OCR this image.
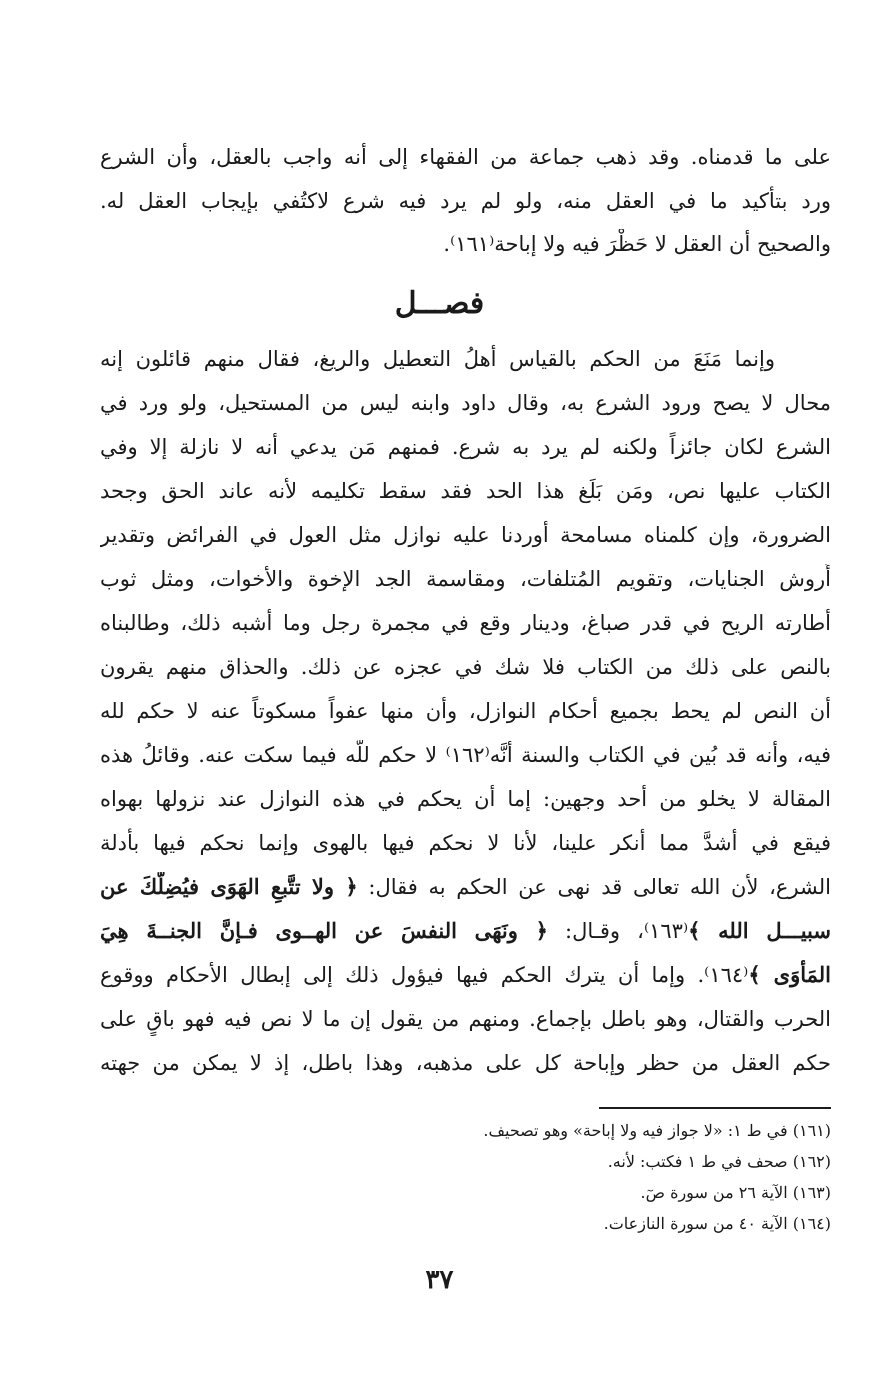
على ما قدمناه. وقد ذهب جماعة من الفقهاء إلى أنه واجب بالعقل، وأن الشرع
ورد بتأكيد ما في العقل منه، ولو لم يرد فيه شرع لاكتُفي بإيجاب العقل له.
والصحيح أن العقل لا حَظْرَ فيه ولا إباحة⁽١٦١⁾.
فصـــل
وإنما مَنَعَ من الحكم بالقياس أهلُ التعطيل والريغ، فقال منهم قائلون إنه
محال لا يصح ورود الشرع به، وقال داود وابنه ليس من المستحيل، ولو ورد في
الشرع لكان جائزاً ولكنه لم يرد به شرع. فمنهم مَن يدعي أنه لا نازلة إلا وفي
الكتاب عليها نص، ومَن بَلَغ هذا الحد فقد سقط تكليمه لأنه عاند الحق وجحد
الضرورة، وإن كلمناه مسامحة أوردنا عليه نوازل مثل العول في الفرائض وتقدير
أُروش الجنايات، وتقويم المُتلفات، ومقاسمة الجد الإخوة والأخوات، ومثل ثوب
أطارته الريح في قدر صباغ، ودينار وقع في مجمرة رجل وما أشبه ذلك، وطالبناه
بالنص على ذلك من الكتاب فلا شك في عجزه عن ذلك. والحذاق منهم يقرون
أن النص لم يحط بجميع أحكام النوازل، وأن منها عفواً مسكوتاً عنه لا حكم لله
فيه، وأنه قد بُين في الكتاب والسنة أنَّه⁽١٦٢⁾ لا حكم للّه فيما سكت عنه. وقائلُ هذه
المقالة لا يخلو من أحد وجهين: إما أن يحكم في هذه النوازل عند نزولها بهواه
فيقع في أشدَّ مما أنكر علينا، لأنا لا نحكم فيها بالهوى وإنما نحكم فيها بأدلة
الشرع، لأن الله تعالى قد نهى عن الحكم به فقال: ﴿ ولا تتَّبعِ الهَوَى فيُضِلَّكَ عن
سبيـــل الله ﴾⁽١٦٣⁾، وقـال: ﴿ ونَهَى النفسَ عن الهــوى فـإنَّ الجنــةَ هِيَ
المَأْوَى ﴾⁽١٦٤⁾. وإما أن يترك الحكم فيها فيؤول ذلك إلى إبطال الأحكام ووقوع
الحرب والقتال، وهو باطل بإجماع. ومنهم من يقول إن ما لا نص فيه فهو باقٍ على
حكم العقل من حظر وإباحة كل على مذهبه، وهذا باطل، إذ لا يمكن من جهته
(١٦١) في ط ١: «لا جواز فيه ولا إباحة» وهو تصحيف.
(١٦٢) صحف في ط ١ فكتب: لأنه.
(١٦٣) الآية ٢٦ من سورة صٓ.
(١٦٤) الآية ٤٠ من سورة النازعات.
٣٧
